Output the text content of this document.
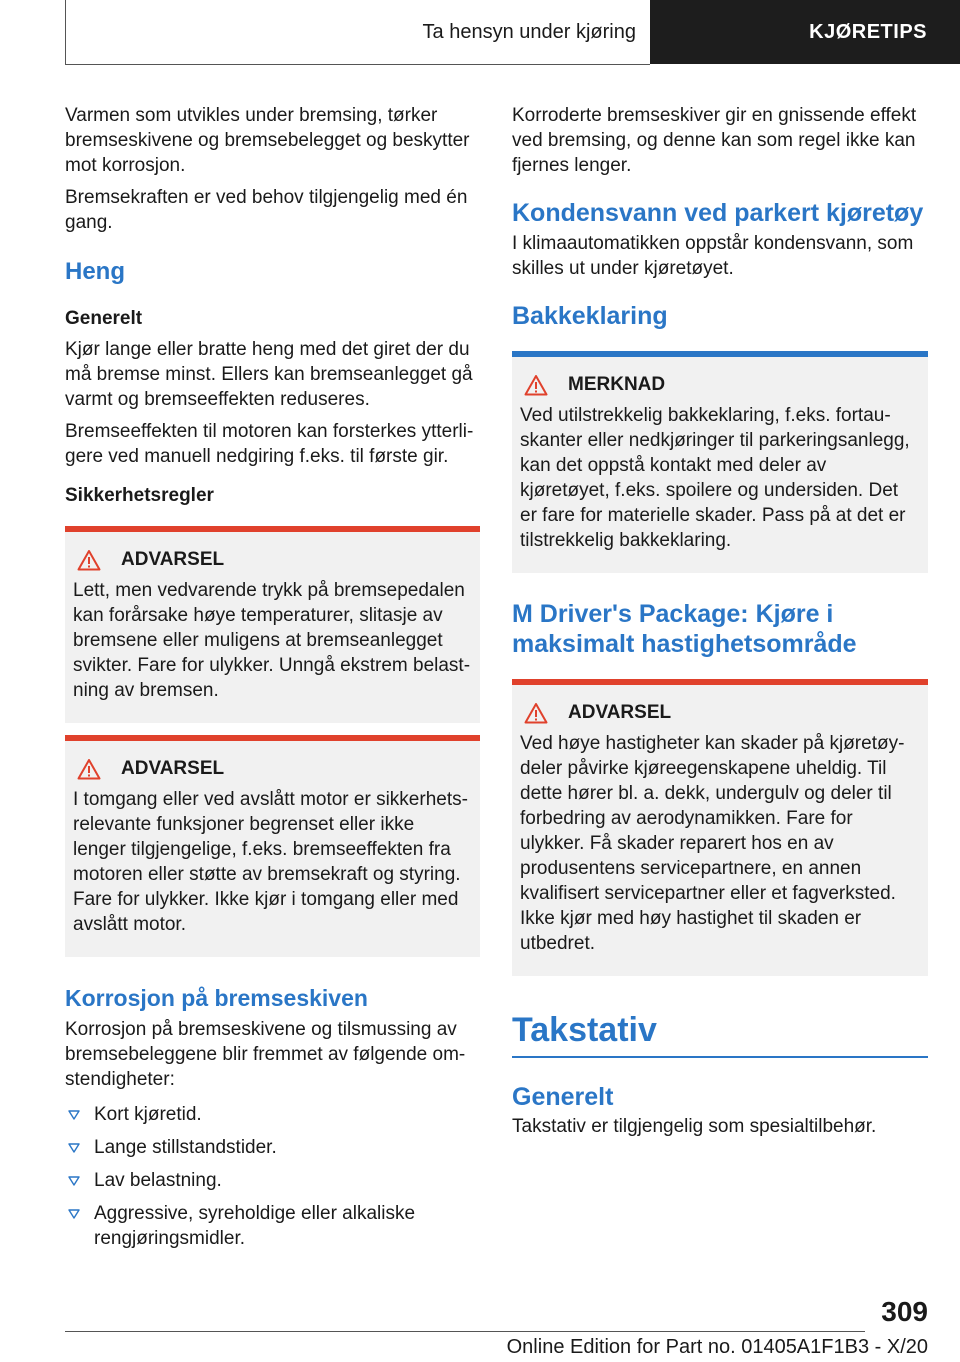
Ta hensyn under kjøring	KJØRETIPS

Varmen som utvikles under bremsing, tørker bremseskivene og bremsebelegget og beskytter mot korrosjon.

Bremsekraften er ved behov tilgjengelig med én gang.

Heng
Generelt

Kjør lange eller bratte heng med det giret der du må bremse minst. Ellers kan bremseanlegget gå varmt og bremseeffekten reduseres.

Bremseeffekten til motoren kan forsterkes ytterligere ved manuell nedgiring f.eks. til første gir.

Sikkerhetsregler
ADVARSEL

Lett, men vedvarende trykk på bremsepedalen kan forårsake høye temperaturer, slitasje av bremsene eller muligens at bremseanlegget svikter. Fare for ulykker. Unngå ekstrem belastning av bremsen.

ADVARSEL

I tomgang eller ved avslått motor er sikkerhetsrelevante funksjoner begrenset eller ikke lenger tilgjengelige, f.eks. bremseeffekten fra motoren eller støtte av bremsekraft og styring. Fare for ulykker. Ikke kjør i tomgang eller med avslått motor.

Korrosjon på bremseskiven

Korrosjon på bremseskivene og tilsmussing av bremsebeleggene blir fremmet av følgende omstendigheter:

Kort kjøretid.
Lange stillstandstider.
Lav belastning.
Aggressive, syreholdige eller alkaliske rengjøringsmidler.

Korroderte bremseskiver gir en gnissende effekt ved bremsing, og denne kan som regel ikke kan fjernes lenger.

Kondensvann ved parkert kjøretøy

I klimaautomatikken oppstår kondensvann, som skilles ut under kjøretøyet.

Bakkeklaring
MERKNAD

Ved utilstrekkelig bakkeklaring, f.eks. fortauskanter eller nedkjøringer til parkeringsanlegg, kan det oppstå kontakt med deler av kjøretøyet, f.eks. spoilere og undersiden. Det er fare for materielle skader. Pass på at det er tilstrekkelig bakkeklaring.

M Driver's Package: Kjøre i maksimalt hastighetsområde
ADVARSEL

Ved høye hastigheter kan skader på kjøretøydeler påvirke kjøreegenskapene uheldig. Til dette hører bl. a. dekk, undergulv og deler til forbedring av aerodynamikken. Fare for ulykker. Få skader reparert hos en av produsentens servicepartnere, en annen kvalifisert servicepartner eller et fagverksted. Ikke kjør med høy hastighet til skaden er utbedret.

Takstativ
Generelt

Takstativ er tilgjengelig som spesialtilbehør.

309
Online Edition for Part no. 01405A1F1B3 - X/20
